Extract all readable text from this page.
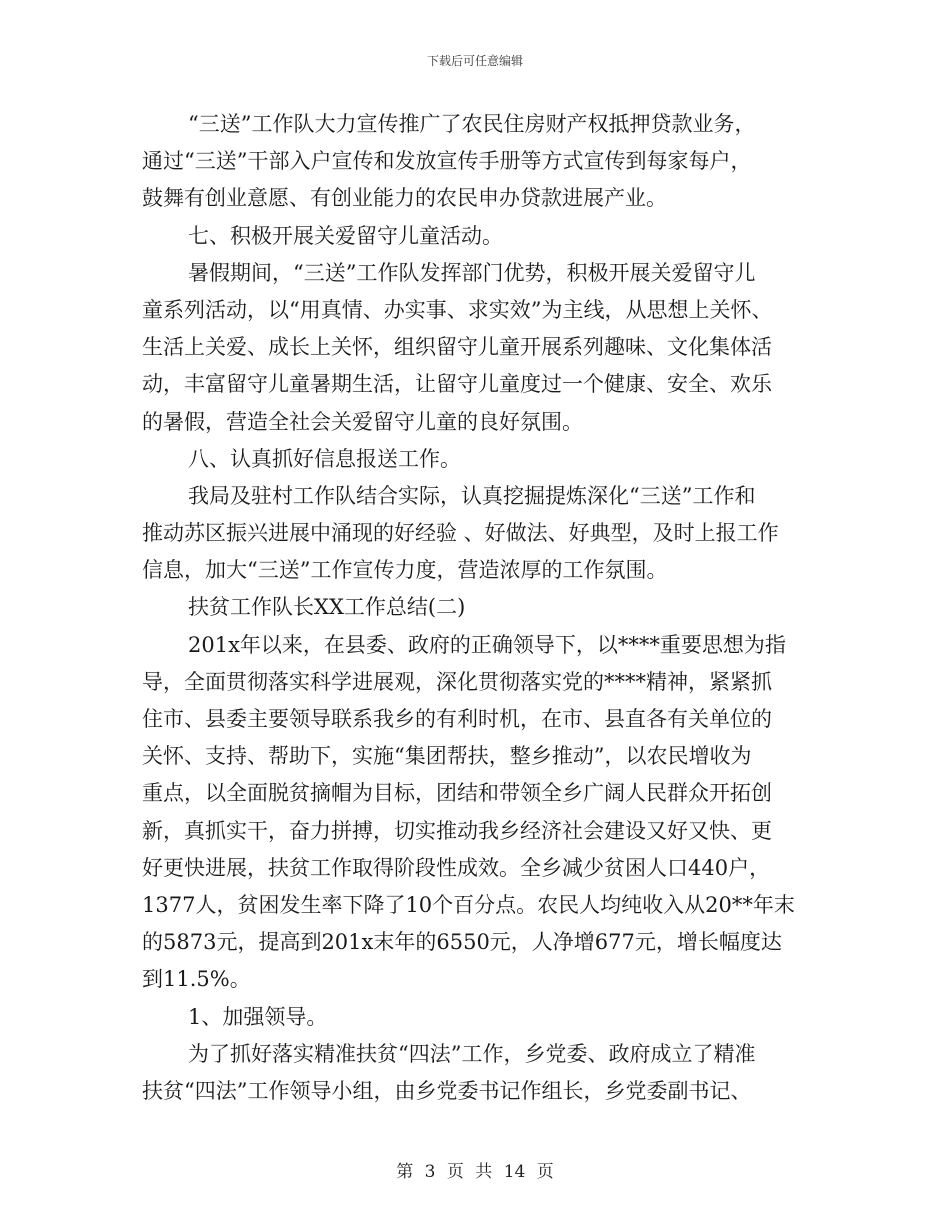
下载后可任意编辑
“三送”工作队大力宣传推广了农民住房财产权抵押贷款业务，
通过“三送”干部入户宣传和发放宣传手册等方式宣传到每家每户，
鼓舞有创业意愿、有创业能力的农民申办贷款进展产业。
七、积极开展关爱留守儿童活动。
暑假期间，“三送”工作队发挥部门优势，积极开展关爱留守儿
童系列活动，以“用真情、办实事、求实效”为主线，从思想上关怀、
生活上关爱、成长上关怀，组织留守儿童开展系列趣味、文化集体活
动，丰富留守儿童暑期生活，让留守儿童度过一个健康、安全、欢乐
的暑假，营造全社会关爱留守儿童的良好氛围。
八、认真抓好信息报送工作。
我局及驻村工作队结合实际，认真挖掘提炼深化“三送”工作和
推动苏区振兴进展中涌现的好经验 、好做法、好典型，及时上报工作
信息，加大“三送”工作宣传力度，营造浓厚的工作氛围。
扶贫工作队长XX工作总结(二)
201x年以来，在县委、政府的正确领导下，以****重要思想为指
导，全面贯彻落实科学进展观，深化贯彻落实党的****精神，紧紧抓
住市、县委主要领导联系我乡的有利时机，在市、县直各有关单位的
关怀、支持、帮助下，实施“集团帮扶，整乡推动”，以农民增收为
重点，以全面脱贫摘帽为目标，团结和带领全乡广阔人民群众开拓创
新，真抓实干，奋力拼搏，切实推动我乡经济社会建设又好又快、更
好更快进展，扶贫工作取得阶段性成效。全乡减少贫困人口440户，
1377人，贫困发生率下降了10个百分点。农民人均纯收入从20**年末
的5873元，提高到201x末年的6550元，人净增677元，增长幅度达
到11.5%。
1、加强领导。
为了抓好落实精准扶贫“四法”工作，乡党委、政府成立了精准
扶贫“四法”工作领导小组，由乡党委书记作组长，乡党委副书记、
第 3 页 共 14 页
